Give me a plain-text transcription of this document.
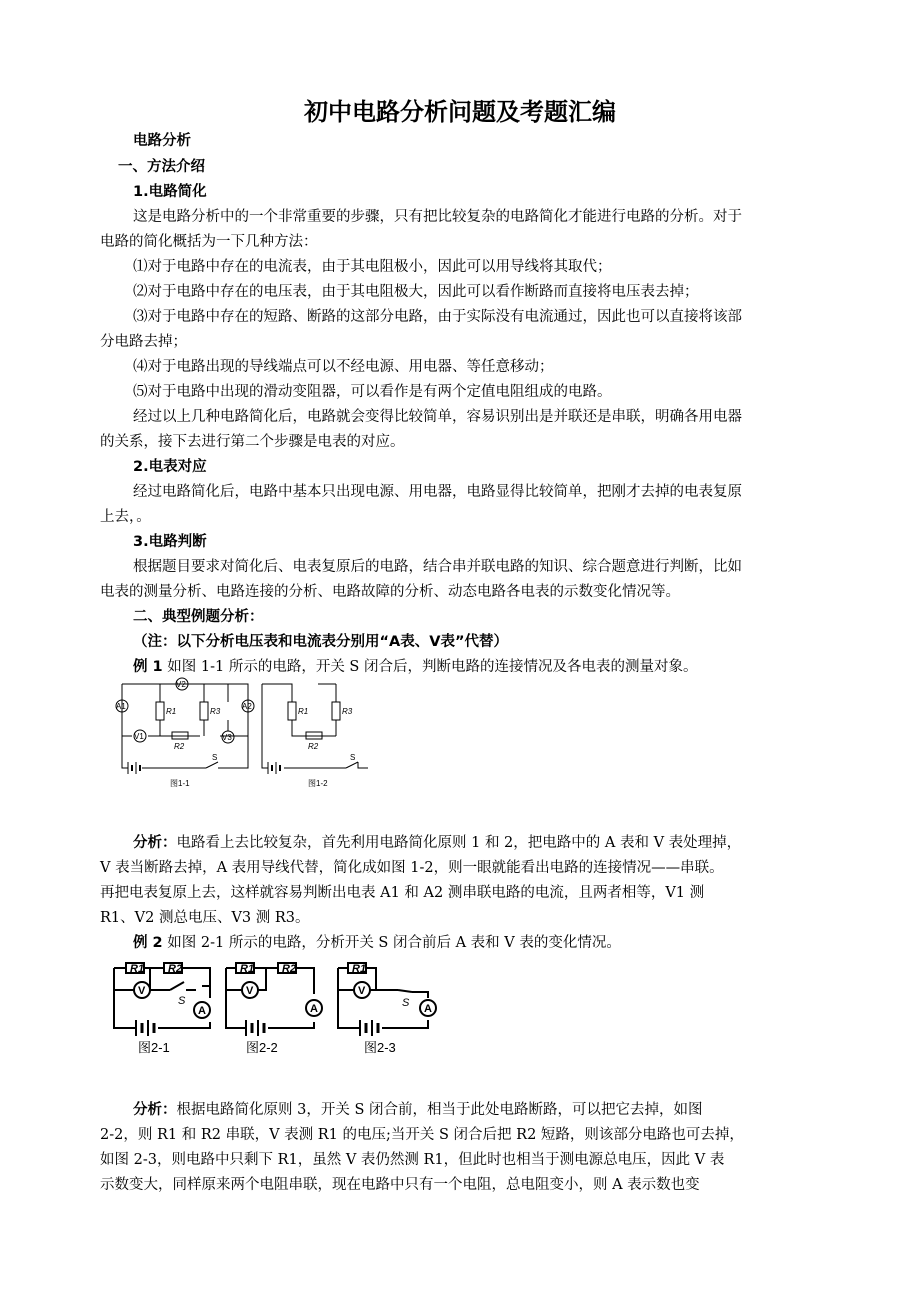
初中电路分析问题及考题汇编
电路分析
一、方法介绍
1.电路简化
这是电路分析中的一个非常重要的步骤，只有把比较复杂的电路简化才能进行电路的分析。对于
电路的简化概括为一下几种方法：
⑴对于电路中存在的电流表，由于其电阻极小，因此可以用导线将其取代；
⑵对于电路中存在的电压表，由于其电阻极大，因此可以看作断路而直接将电压表去掉；
⑶对于电路中存在的短路、断路的这部分电路，由于实际没有电流通过，因此也可以直接将该部
分电路去掉；
⑷对于电路出现的导线端点可以不经电源、用电器、等任意移动；
⑸对于电路中出现的滑动变阻器，可以看作是有两个定值电阻组成的电路。
经过以上几种电路简化后，电路就会变得比较简单，容易识别出是并联还是串联，明确各用电器
的关系，接下去进行第二个步骤是电表的对应。
2.电表对应
经过电路简化后，电路中基本只出现电源、用电器，电路显得比较简单，把刚才去掉的电表复原
上去，。
3.电路判断
根据题目要求对简化后、电表复原后的电路，结合串并联电路的知识、综合题意进行判断，比如
电表的测量分析、电路连接的分析、电路故障的分析、动态电路各电表的示数变化情况等。
二、典型例题分析：
（注：以下分析电压表和电流表分别用“A表、V表”代替）
例 1 如图 1-1 所示的电路，开关 S 闭合后，判断电路的连接情况及各电表的测量对象。
A1	A2
V1
V2
V3
R1	R3
R2
S
R1	R3
R2
S
图1-1	图1-2
分析：电路看上去比较复杂，首先利用电路简化原则 1 和 2，把电路中的 A 表和 V 表处理掉，
V 表当断路去掉，A 表用导线代替，简化成如图 1-2，则一眼就能看出电路的连接情况——串联。
再把电表复原上去，这样就容易判断出电表 A1 和 A2 测串联电路的电流，且两者相等，V1 测
R1、V2 测总电压、V3 测 R3。
例 2 如图 2-1 所示的电路，分析开关 S 闭合前后 A 表和 V 表的变化情况。
R1 R2
V
A
S
R1	R2
V
A
R1
V
A
S
图2-1	图2-2	图2-3
分析：根据电路简化原则 3，开关 S 闭合前，相当于此处电路断路，可以把它去掉，如图
2-2，则 R1 和 R2 串联，V 表测 R1 的电压;当开关 S 闭合后把 R2 短路，则该部分电路也可去掉，
如图 2-3，则电路中只剩下 R1，虽然 V 表仍然测 R1，但此时也相当于测电源总电压，因此 V 表
示数变大，同样原来两个电阻串联，现在电路中只有一个电阻，总电阻变小，则 A 表示数也变
